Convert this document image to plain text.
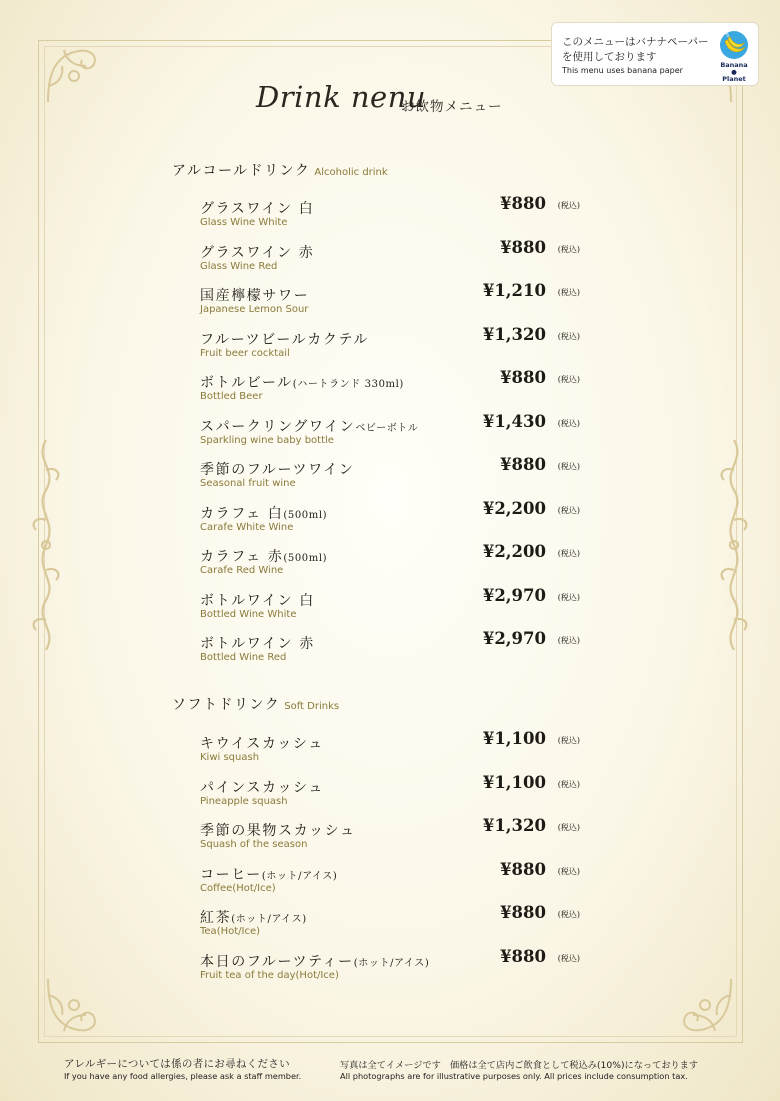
このメニューはバナナペーパーを使用しております
This menu uses banana paper
5
Banana
●
Planet
Drink nenu
お飲物メニュー
アルコールドリンク Alcoholic drink
グラスワイン 白
Glass Wine White
¥880 (税込)
グラスワイン 赤
Glass Wine Red
¥880 (税込)
国産檸檬サワー
Japanese Lemon Sour
¥1,210 (税込)
フルーツビールカクテル
Fruit beer cocktail
¥1,320 (税込)
ボトルビール(ハートランド 330ml)
Bottled Beer
¥880 (税込)
スパークリングワインベビーボトル
Sparkling wine baby bottle
¥1,430 (税込)
季節のフルーツワイン
Seasonal fruit wine
¥880 (税込)
カラフェ 白(500ml)
Carafe White Wine
¥2,200 (税込)
カラフェ 赤(500ml)
Carafe Red Wine
¥2,200 (税込)
ボトルワイン 白
Bottled Wine White
¥2,970 (税込)
ボトルワイン 赤
Bottled Wine Red
¥2,970 (税込)
ソフトドリンク Soft Drinks
キウイスカッシュ
Kiwi squash
¥1,100 (税込)
パインスカッシュ
Pineapple squash
¥1,100 (税込)
季節の果物スカッシュ
Squash of the season
¥1,320 (税込)
コーヒー(ホット/アイス)
Coffee(Hot/Ice)
¥880 (税込)
紅茶(ホット/アイス)
Tea(Hot/Ice)
¥880 (税込)
本日のフルーツティー(ホット/アイス)
Fruit tea of the day(Hot/Ice)
¥880 (税込)
アレルギーについては係の者にお尋ねください
If you have any food allergies, please ask a staff member.
写真は全てイメージです　価格は全て店内ご飲食として税込み(10%)になっております
All photographs are for illustrative purposes only. All prices include consumption tax.
